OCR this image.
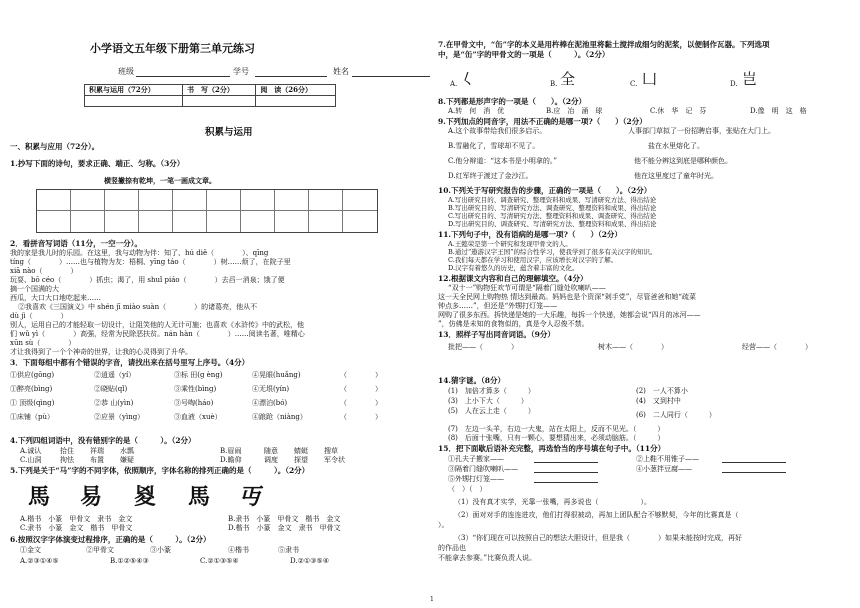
小学语文五年级下册第三单元练习
班级	学号	姓名
积累与运用（72分）	书　写（2分）	阅　读（26分）

积累与运用
一、积累与应用（72分）。
1.抄写下面的诗句，要求正确、端正、匀称。（3分）
横竖撇捺有乾坤，一笔一画成文章。
2．看拼音写词语（11分，一空一分）。
我的家是我儿时的乐园。在这里，我与动物为伴：知了、hú diě（　　　　）、qīng
tíng（　　　　）……也与植物为友：梧桐、yīng táo（　　　　）树……烦了，在院子里
xiā nào（　　　　）
玩耍、bō céo（　　　　）抓虫；渴了，用 shuǐ piáo（　　　　）去舀一消泉；饿了便
摘一个国满的大
西瓜，大口大口地吃起来……
②我喜欢《三国演义》中 shén jī miào suàn（　　　　）的诸葛亮，他从不
dù jì（　　　　）
别人，运用自己的才能轻取一切设计，让阻笑他的人无计可施；也喜欢《水浒传》中的武松，他
们 wǔ yì（　　　　）高强，经常为民除恶扶贫。nán hàn（　　　　）……阅读名著，唯精心
xūn sù（　　　　）
才让我得到了一个个神奇的世界，让我的心灵得到了升华。
3．下面每组中都有个错误的字音，请找出来在括号里写上序号。（4分）
①供应(gōng)	②逍遥（yí）	③标 田(g èng)	④晃眼(huǎng)	（　　　　）
①醉亮(bìng)	②晓贴(qǐ)	③乘性(bìng)	④无垠(yín)	（　　　　）
① 顶级(qìng)	②恭 山(yìn)	③号啕(háo)	④漂泊(bó)	（　　　　）
①床铺（pù）	②应景（yìng）	③血液（xuè）	④踉跄（niàng）	（　　　　）
4.下列四组词语中，没有错别字的是（　　　）。（2分）
A.诚认	拾住 祥瑞 水瓢	B.眉闹	随意 蜻蜓 搜草
C.山洞	拘怯 布置 嫌疑	D.瞻仰	调度 探望 军令状
5.下列是关于“马”字的不同字体，依照顺序，字体名称的排列正确的是（　　　）。（2分）
馬 易 㚇 馬 丏
A.楷书　小篆　甲骨文　隶书　金文	B.隶书　小篆　甲骨文　楷书　金文
C.隶书　小篆　金文　楷书　甲骨文	D.楷书　小篆　金文　隶书　甲骨文
6.按照汉字字体演变过程排序，正确的是（　　　）。（2分）
①金文	②甲骨文	③小篆	④楷书	⑤隶书
A.②③①④⑤	B.①②⑤④③	C.②①③⑤④	D.②①③⑤④
7.在甲骨文中，“缶”字的本义是用杵棒在泥池里将黏土搅拌成细匀的泥浆，以便制作瓦器。下列选项
中，是“缶”字的甲骨文的一项是（　　　）。（2分）
A. 𡿨	B. 全	C. 凵	D. 岂
8.下列都是形声字的一项是（　　）。（2分）
A.转　何　消　优	B.应　冶　涌　球	C.休　华　记　芬	D.像　明　这　格
9.下列加点的同音字，用法不正确的是哪一项?（　　）（2分）
A.这个故事带给我们很多启示。	人事部门草拟了一份招聘启事，张贴在大门上。
B.雪融化了，雪球却不见了。	盐在水里熔化了。
C.他分辩道：“这本书是小明拿的。”	他不能分辨这到底是哪种颜色。
D.红军终于渡过了金沙江。	他在这里度过了童年时光。
10.下列关于写研究报告的步骤，正确的一项是（　　）。（2分）
A.写出研究目的、调查研究、整理资料和成果、写清研究方法、得出结论
B.写出研究目的、写清研究方法、调查研究、整理资料和成果、得出结论
C.写出研究目的、写清研究方法、整理资料和成果、调查研究、得出结论
D.写出研究目的、调查研究、写清研究方法、整理资料和成果、得出结论
11.下列句子中，没有语病的是哪一项?（　　）（2分）
A.王懿荣是第一个研究和发现甲骨文的人。
B.通过“遨游汉字王国”的综合性学习，使我学到了很多有关汉字的知识。
C.我们每天都在学习和使用汉字，应该增长对汉字的了解。
D.汉字有着悠久的历史，蕴含着丰富的文化。
12.根据课文内容和自己的理解填空。（4分）
“双十一”购物狂欢节可谓是“隔着门缝处吹喇叭——
这一天全民网上购物热 情达到最高。妈妈也是个资深“剁手党”，尽管爸爸和她“疏菜
钟点多……”，但还是“外甥打灯笼——
网购了很多东西。拆快递是她的一大乐趣，每拆一个快递，她都会说“四月的冰河——
”，仿佛是未知的食物似的，真是令人忍俊不禁。
13．照样子写出同音词语。（9分）
批把——（　　　　）	树木——（　　　　）	经营——（　　　　）
14.猜字谜。（8分）
(1)　加倍才算多（　　　）	(2)　一人不算小
(3)　上小下大（　　　）	(4)　又到村中
(5)　人在云上走（　　　）	(6)　二人同行（　　　）
(7)　左边一头羊，右边一大鬼，站在太阳上，反而不见光。（　　　）
(8)　后面十张嘴，只有一颗心，要想猜出来，必须动脑筋。（　　　）
15．把下面歇后语补充完整，再选恰当的序号填在句子中。（11分）
①孔夫子搬家——	②上鞋不用锥子——
③隔着门缝吹喇叭——	④小葱拌豆腐——
⑤外甥打灯笼——
（　）（　）
（1）没有真才实学，光靠一张嘴，再多说也（　　　　　　）。
（2）面对对手的连连进攻，他们打得很被动，再加上团队配合不够默契，今年的比赛真是（
）。
（3）“你们现在可以按照自己的想法大胆设计，但是我（　　　　）如果未能按时完成，再好
的作品也
不能拿去参赛。”比赛负责人说。
1
